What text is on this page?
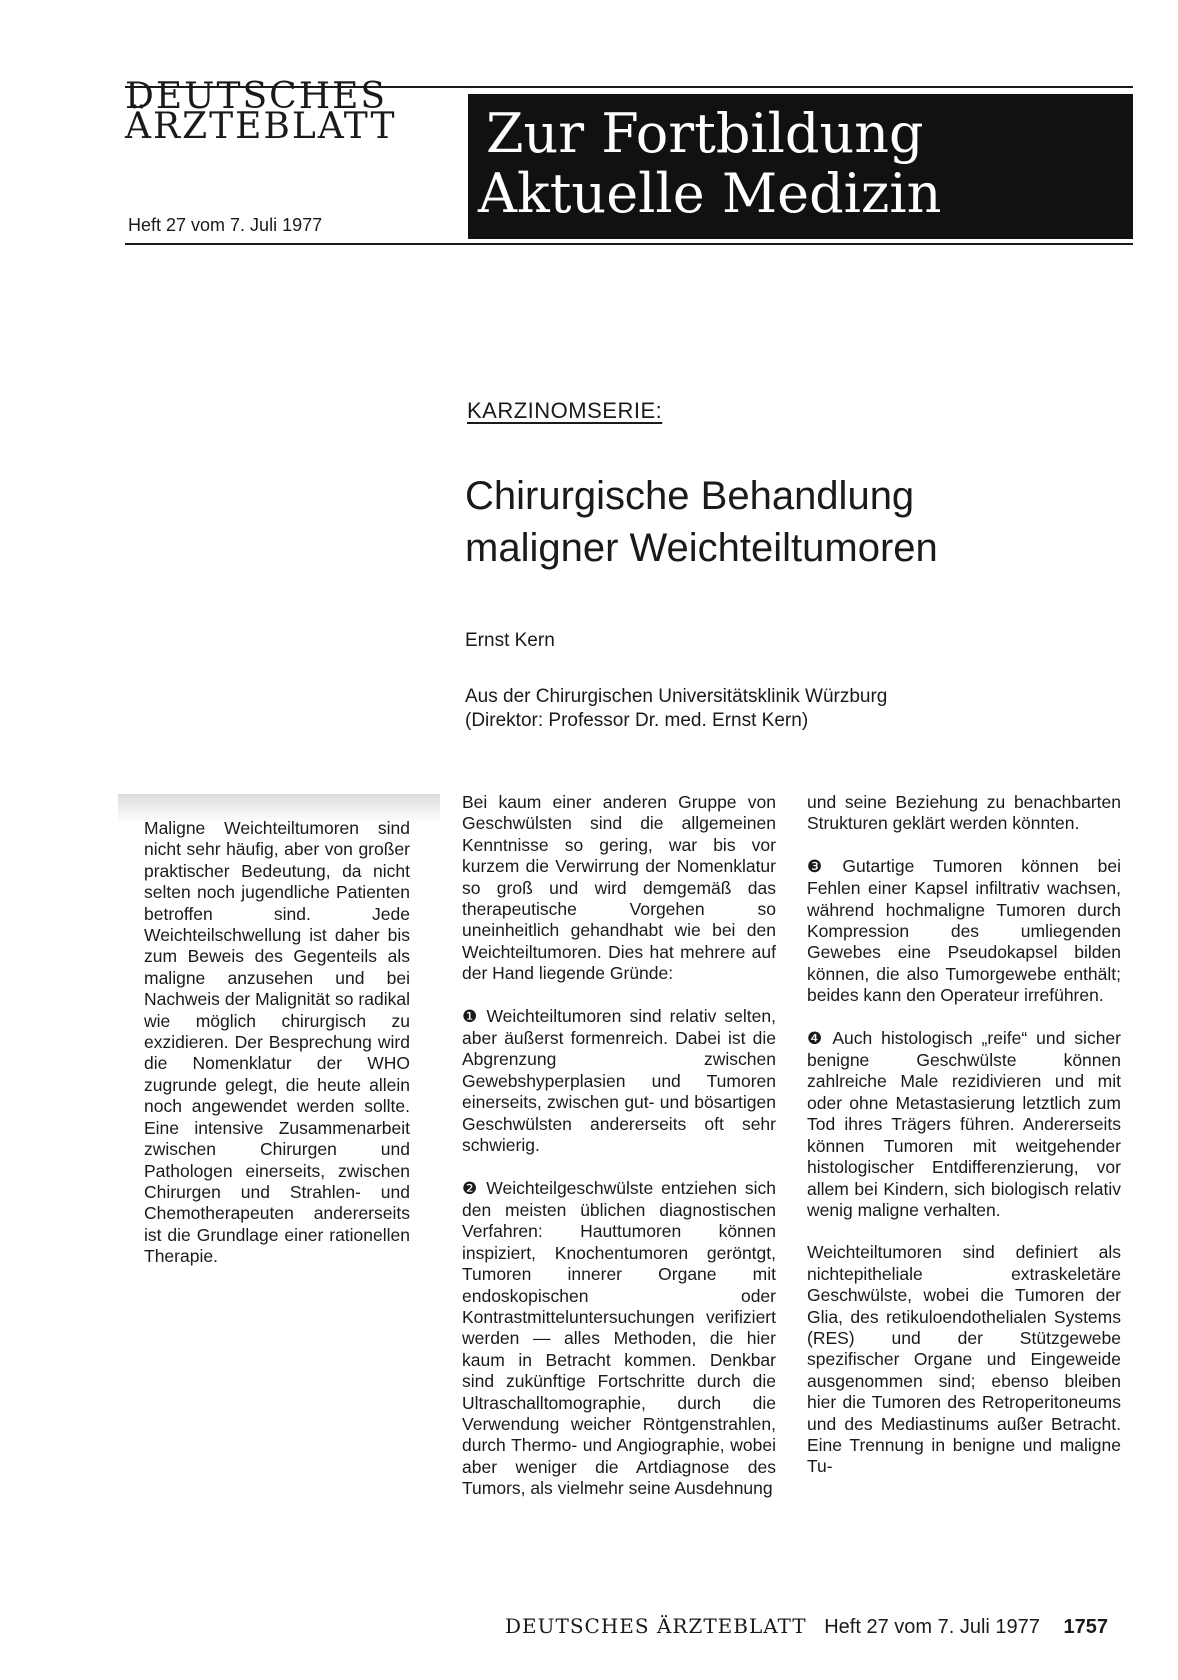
DEUTSCHES
ÄRZTEBLATT
Heft 27 vom 7. Juli 1977
Zur Fortbildung
Aktuelle Medizin
KARZINOMSERIE:
Chirurgische Behandlung
maligner Weichteiltumoren
Ernst Kern
Aus der Chirurgischen Universitätsklinik Würzburg
(Direktor: Professor Dr. med. Ernst Kern)

Maligne Weichteiltumoren sind nicht sehr häufig, aber von großer praktischer Bedeutung, da nicht selten noch jugendliche Patienten betroffen sind. Jede Weichteilschwellung ist daher bis zum Beweis des Gegenteils als maligne anzusehen und bei Nachweis der Malignität so radikal wie möglich chirurgisch zu exzidieren. Der Besprechung wird die Nomenklatur der WHO zugrunde gelegt, die heute allein noch angewendet werden sollte. Eine intensive Zusammenarbeit zwischen Chirurgen und Pathologen einerseits, zwischen Chirurgen und Strahlen- und Chemotherapeuten andererseits ist die Grundlage einer rationellen Therapie.

Bei kaum einer anderen Gruppe von Geschwülsten sind die allgemeinen Kenntnisse so gering, war bis vor kurzem die Verwirrung der Nomenklatur so groß und wird demgemäß das therapeutische Vorgehen so uneinheitlich gehandhabt wie bei den Weichteiltumoren. Dies hat mehrere auf der Hand liegende Gründe:

❶ Weichteiltumoren sind relativ selten, aber äußerst formenreich. Dabei ist die Abgrenzung zwischen Gewebshyperplasien und Tumoren einerseits, zwischen gut- und bösartigen Geschwülsten andererseits oft sehr schwierig.

❷ Weichteilgeschwülste entziehen sich den meisten üblichen diagnostischen Verfahren: Hauttumoren können inspiziert, Knochentumoren geröntgt, Tumoren innerer Organe mit endoskopischen oder Kontrastmitteluntersuchungen verifiziert werden — alles Methoden, die hier kaum in Betracht kommen. Denkbar sind zukünftige Fortschritte durch die Ultraschalltomographie, durch die Verwendung weicher Röntgenstrahlen, durch Thermo- und Angiographie, wobei aber weniger die Artdiagnose des Tumors, als vielmehr seine Ausdehnung

und seine Beziehung zu benachbarten Strukturen geklärt werden könnten.

❸ Gutartige Tumoren können bei Fehlen einer Kapsel infiltrativ wachsen, während hochmaligne Tumoren durch Kompression des umliegenden Gewebes eine Pseudokapsel bilden können, die also Tumorgewebe enthält; beides kann den Operateur irreführen.

❹ Auch histologisch „reife“ und sicher benigne Geschwülste können zahlreiche Male rezidivieren und mit oder ohne Metastasierung letztlich zum Tod ihres Trägers führen. Andererseits können Tumoren mit weitgehender histologischer Entdifferenzierung, vor allem bei Kindern, sich biologisch relativ wenig maligne verhalten.

Weichteiltumoren sind definiert als nichtepitheliale extraskeletäre Geschwülste, wobei die Tumoren der Glia, des retikuloendothelialen Systems (RES) und der Stützgewebe spezifischer Organe und Eingeweide ausgenommen sind; ebenso bleiben hier die Tumoren des Retroperitoneums und des Mediastinums außer Betracht. Eine Trennung in benigne und maligne Tu-

DEUTSCHES ÄRZTEBLATT Heft 27 vom 7. Juli 1977 1757
